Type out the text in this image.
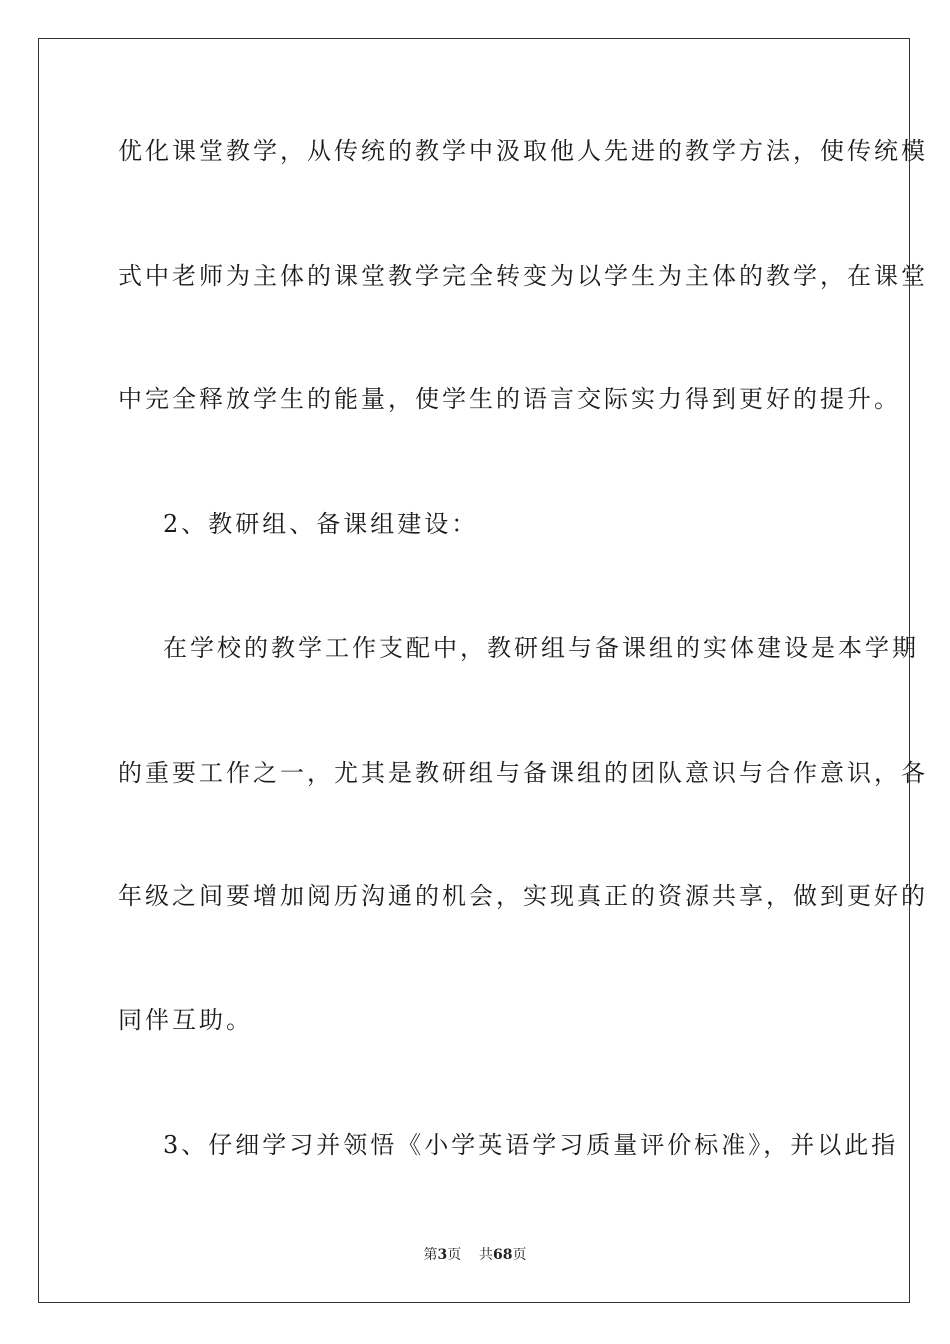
优化课堂教学，从传统的教学中汲取他人先进的教学方法，使传统模
式中老师为主体的课堂教学完全转变为以学生为主体的教学，在课堂
中完全释放学生的能量，使学生的语言交际实力得到更好的提升。
2、教研组、备课组建设：
在学校的教学工作支配中，教研组与备课组的实体建设是本学期
的重要工作之一，尤其是教研组与备课组的团队意识与合作意识，各
年级之间要增加阅历沟通的机会，实现真正的资源共享，做到更好的
同伴互助。
3、仔细学习并领悟《小学英语学习质量评价标准》，并以此指
第3页 共68页
